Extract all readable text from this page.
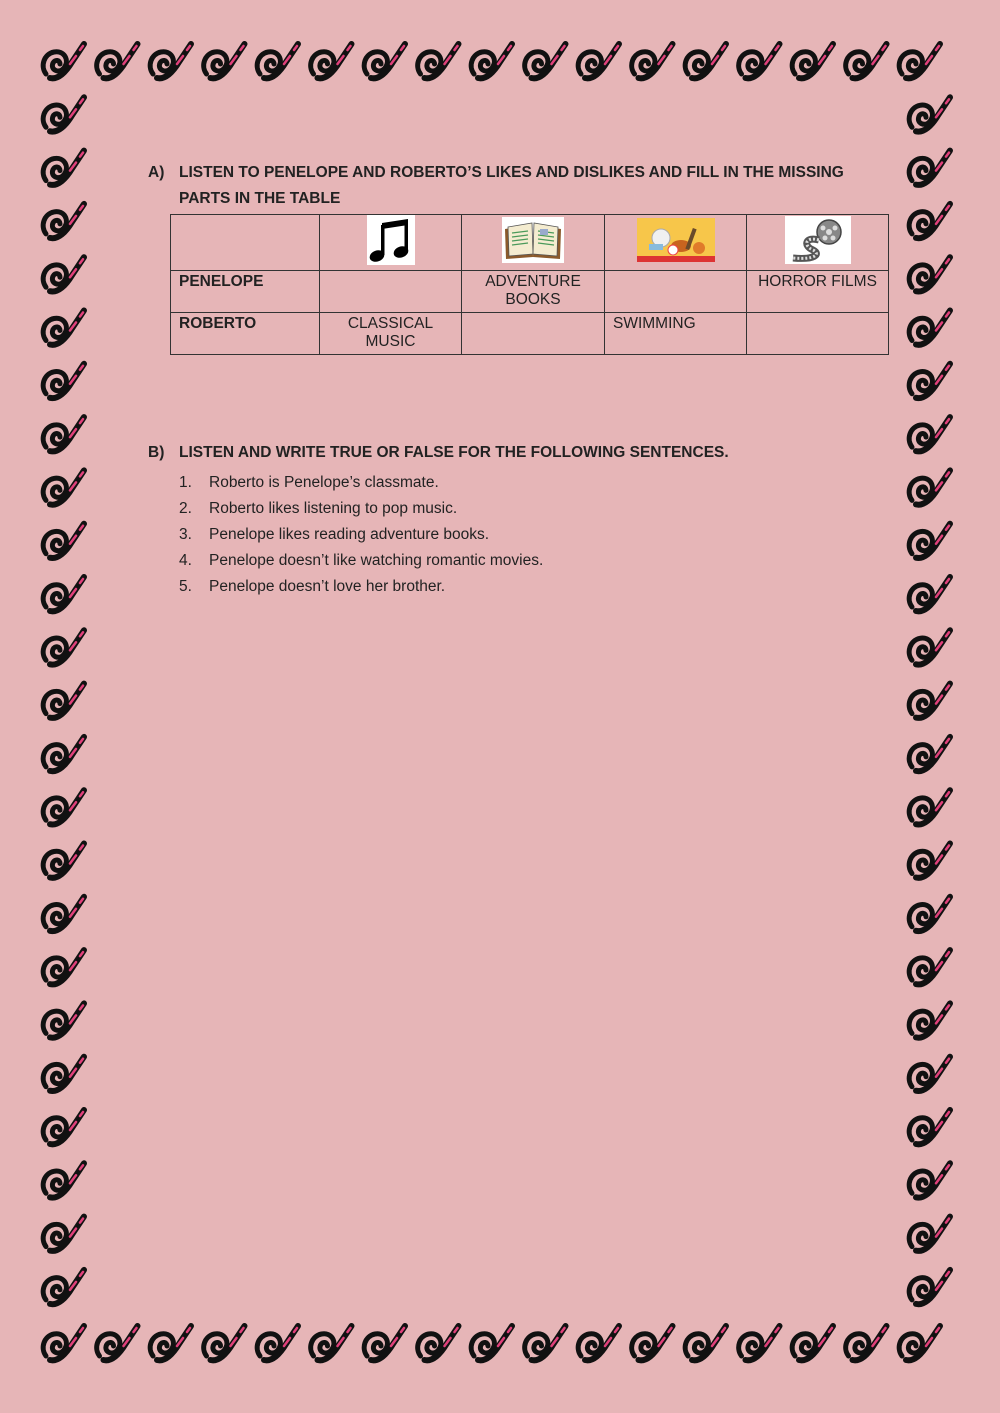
A) LISTEN TO PENELOPE AND ROBERTO’S LIKES AND DISLIKES AND FILL IN THE MISSING PARTS IN THE TABLE

PENELOPE		ADVENTURE BOOKS		HORROR FILMS
ROBERTO	CLASSICAL MUSIC		SWIMMING	
B) LISTEN AND WRITE TRUE OR FALSE FOR THE FOLLOWING SENTENCES.
1.	Roberto is Penelope’s classmate.
2.	Roberto likes listening to pop music.
3.	Penelope likes reading adventure books.
4.	Penelope doesn’t like watching romantic movies.
5.	Penelope doesn’t love her brother.
